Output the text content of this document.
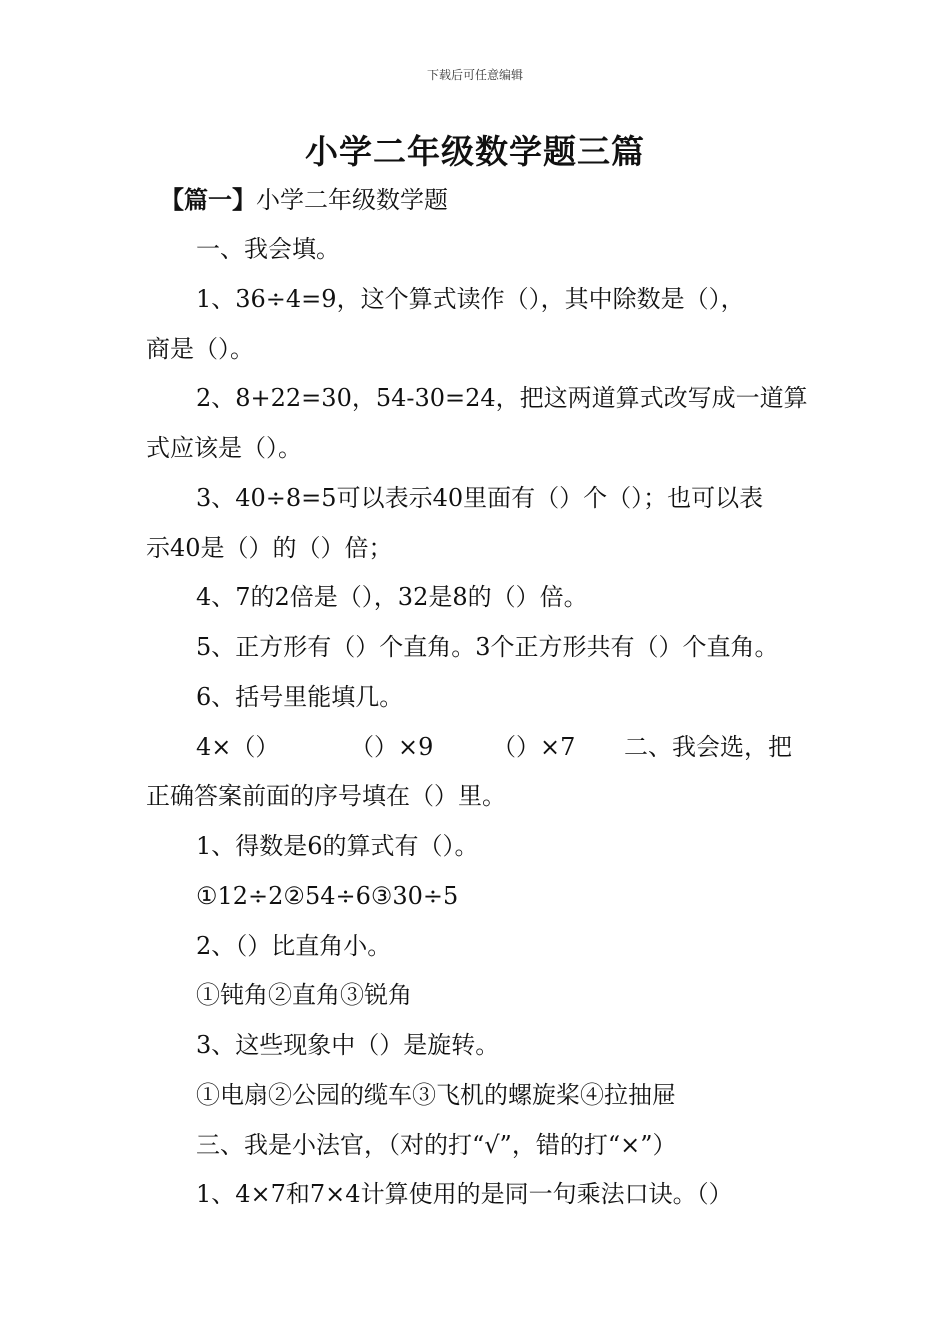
下载后可任意编辑
小学二年级数学题三篇
【篇一】小学二年级数学题
一、我会填。
1、36÷4=9，这个算式读作（），其中除数是（），
商是（）。
2、8+22=30，54-30=24，把这两道算式改写成一道算
式应该是（）。
3、40÷8=5可以表示40里面有（）个（）；也可以表
示40是（）的（）倍；
4、7的2倍是（），32是8的（）倍。
5、正方形有（）个直角。3个正方形共有（）个直角。
6、括号里能填几。
4×（）	（）×9	（）×7	二、我会选，把
正确答案前面的序号填在（）里。
1、得数是6的算式有（）。
①12÷2②54÷6③30÷5
2、（）比直角小。
①钝角②直角③锐角
3、这些现象中（）是旋转。
①电扇②公园的缆车③飞机的螺旋桨④拉抽屉
三、我是小法官，（对的打“√”，错的打“×”）
1、4×7和7×4计算使用的是同一句乘法口诀。（）
